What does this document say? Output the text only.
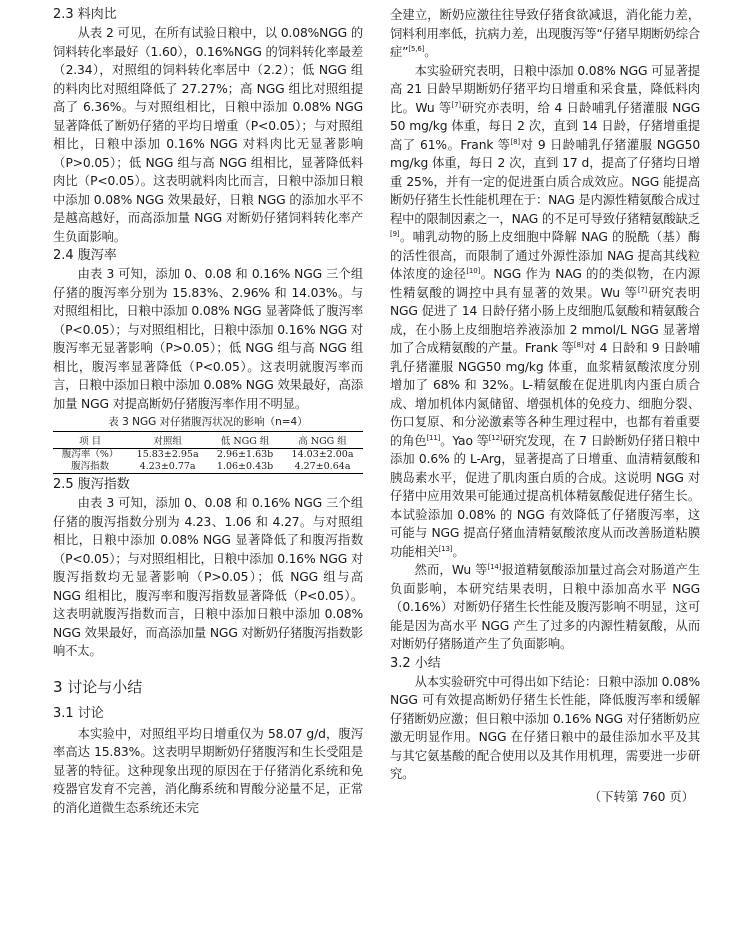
2.3 料肉比

从表 2 可见，在所有试验日粮中，以 0.08%NGG 的饲料转化率最好（1.60），0.16%NGG 的饲料转化率最差（2.34），对照组的饲料转化率居中（2.2）；低 NGG 组的料肉比对照组降低了 27.27%；高 NGG 组比对照组提高了 6.36%。与对照组相比，日粮中添加 0.08% NGG 显著降低了断奶仔猪的平均日增重（P<0.05）；与对照组相比，日粮中添加 0.16% NGG 对料肉比无显著影响（P>0.05）；低 NGG 组与高 NGG 组相比，显著降低料肉比（P<0.05）。这表明就料肉比而言，日粮中添加日粮中添加 0.08% NGG 效果最好，日粮 NGG 的添加水平不是越高越好，而高添加量 NGG 对断奶仔猪饲料转化率产生负面影响。

2.4 腹泻率

由表 3 可知，添加 0、0.08 和 0.16% NGG 三个组仔猪的腹泻率分别为 15.83%、2.96% 和 14.03%。与对照组相比，日粮中添加 0.08% NGG 显著降低了腹泻率（P<0.05）；与对照组相比，日粮中添加 0.16% NGG 对腹泻率无显著影响（P>0.05）；低 NGG 组与高 NGG 组相比，腹泻率显著降低（P<0.05）。这表明就腹泻率而言，日粮中添加日粮中添加 0.08% NGG 效果最好，高添加量 NGG 对提高断奶仔猪腹泻率作用不明显。

表 3 NGG 对仔猪腹泻状况的影响（n=4）
项 目	对照组	低 NGG 组	高 NGG 组
腹泻率（%）	15.83±2.95a	2.96±1.63b	14.03±2.00a
腹泻指数	4.23±0.77a	1.06±0.43b	4.27±0.64a

2.5 腹泻指数

由表 3 可知，添加 0、0.08 和 0.16% NGG 三个组仔猪的腹泻指数分别为 4.23、1.06 和 4.27。与对照组相比，日粮中添加 0.08% NGG 显著降低了和腹泻指数（P<0.05）；与对照组相比，日粮中添加 0.16% NGG 对腹泻指数均无显著影响（P>0.05）；低 NGG 组与高 NGG 组相比，腹泻率和腹泻指数显著降低（P<0.05）。这表明就腹泻指数而言，日粮中添加日粮中添加 0.08% NGG 效果最好，而高添加量 NGG 对断奶仔猪腹泻指数影响不太。

3 讨论与小结

3.1 讨论

本实验中，对照组平均日增重仅为 58.07 g/d，腹泻率高达 15.83%。这表明早期断奶仔猪腹泻和生长受阻是显著的特征。这种现象出现的原因在于仔猪消化系统和免疫器官发育不完善，消化酶系统和胃酸分泌量不足，正常的消化道微生态系统还未完

全建立，断奶应激往往导致仔猪食欲减退，消化能力差，饲料利用率低，抗病力差，出现腹泻等“仔猪早期断奶综合症”[5,6]。

本实验研究表明，日粮中添加 0.08% NGG 可显著提高 21 日龄早期断奶仔猪平均日增重和采食量，降低料肉比。Wu 等[7]研究亦表明，给 4 日龄哺乳仔猪灌服 NGG 50 mg/kg 体重，每日 2 次，直到 14 日龄，仔猪增重提高了 61%。Frank 等[8]对 9 日龄哺乳仔猪灌服 NGG50 mg/kg 体重，每日 2 次，直到 17 d，提高了仔猪均日增重 25%，并有一定的促进蛋白质合成效应。NGG 能提高断奶仔猪生长性能机理在于：NAG 是内源性精氨酸合成过程中的限制因素之一，NAG 的不足可导致仔猪精氨酸缺乏[9]。哺乳动物的肠上皮细胞中降解 NAG 的脱酰（基）酶的活性很高，而限制了通过外源性添加 NAG 提高其线粒体浓度的途径[10]。NGG 作为 NAG 的的类似物，在内源性精氨酸的调控中具有显著的效果。Wu 等[7]研究表明 NGG 促进了 14 日龄仔猪小肠上皮细胞瓜氨酸和精氨酸合成，在小肠上皮细胞培养液添加 2 mmol/L NGG 显著增加了合成精氨酸的产量。Frank 等[8]对 4 日龄和 9 日龄哺乳仔猪灌服 NGG50 mg/kg 体重，血浆精氨酸浓度分别增加了 68% 和 32%。L-精氨酸在促进肌肉内蛋白质合成、增加机体内氮储留、增强机体的免疫力、细胞分裂、伤口复原、和分泌激素等各种生理过程中，也都有着重要的角色[11]。Yao 等[12]研究发现，在 7 日龄断奶仔猪日粮中添加 0.6% 的 L-Arg，显著提高了日增重、血清精氨酸和胰岛素水平，促进了肌肉蛋白质的合成。这说明 NGG 对仔猪中应用效果可能通过提高机体精氨酸促进仔猪生长。本试验添加 0.08% 的 NGG 有效降低了仔猪腹泻率，这可能与 NGG 提高仔猪血清精氨酸浓度从而改善肠道粘膜功能相关[13]。

然而，Wu 等[14]报道精氨酸添加量过高会对肠道产生负面影响，本研究结果表明，日粮中添加高水平 NGG（0.16%）对断奶仔猪生长性能及腹泻影响不明显，这可能是因为高水平 NGG 产生了过多的内源性精氨酸，从而对断奶仔猪肠道产生了负面影响。

3.2 小结

从本实验研究中可得出如下结论：日粮中添加 0.08% NGG 可有效提高断奶仔猪生长性能，降低腹泻率和缓解仔猪断奶应激；但日粮中添加 0.16% NGG 对仔猪断奶应激无明显作用。NGG 在仔猪日粮中的最佳添加水平及其与其它氨基酸的配合使用以及其作用机理，需要进一步研究。

（下转第 760 页）
